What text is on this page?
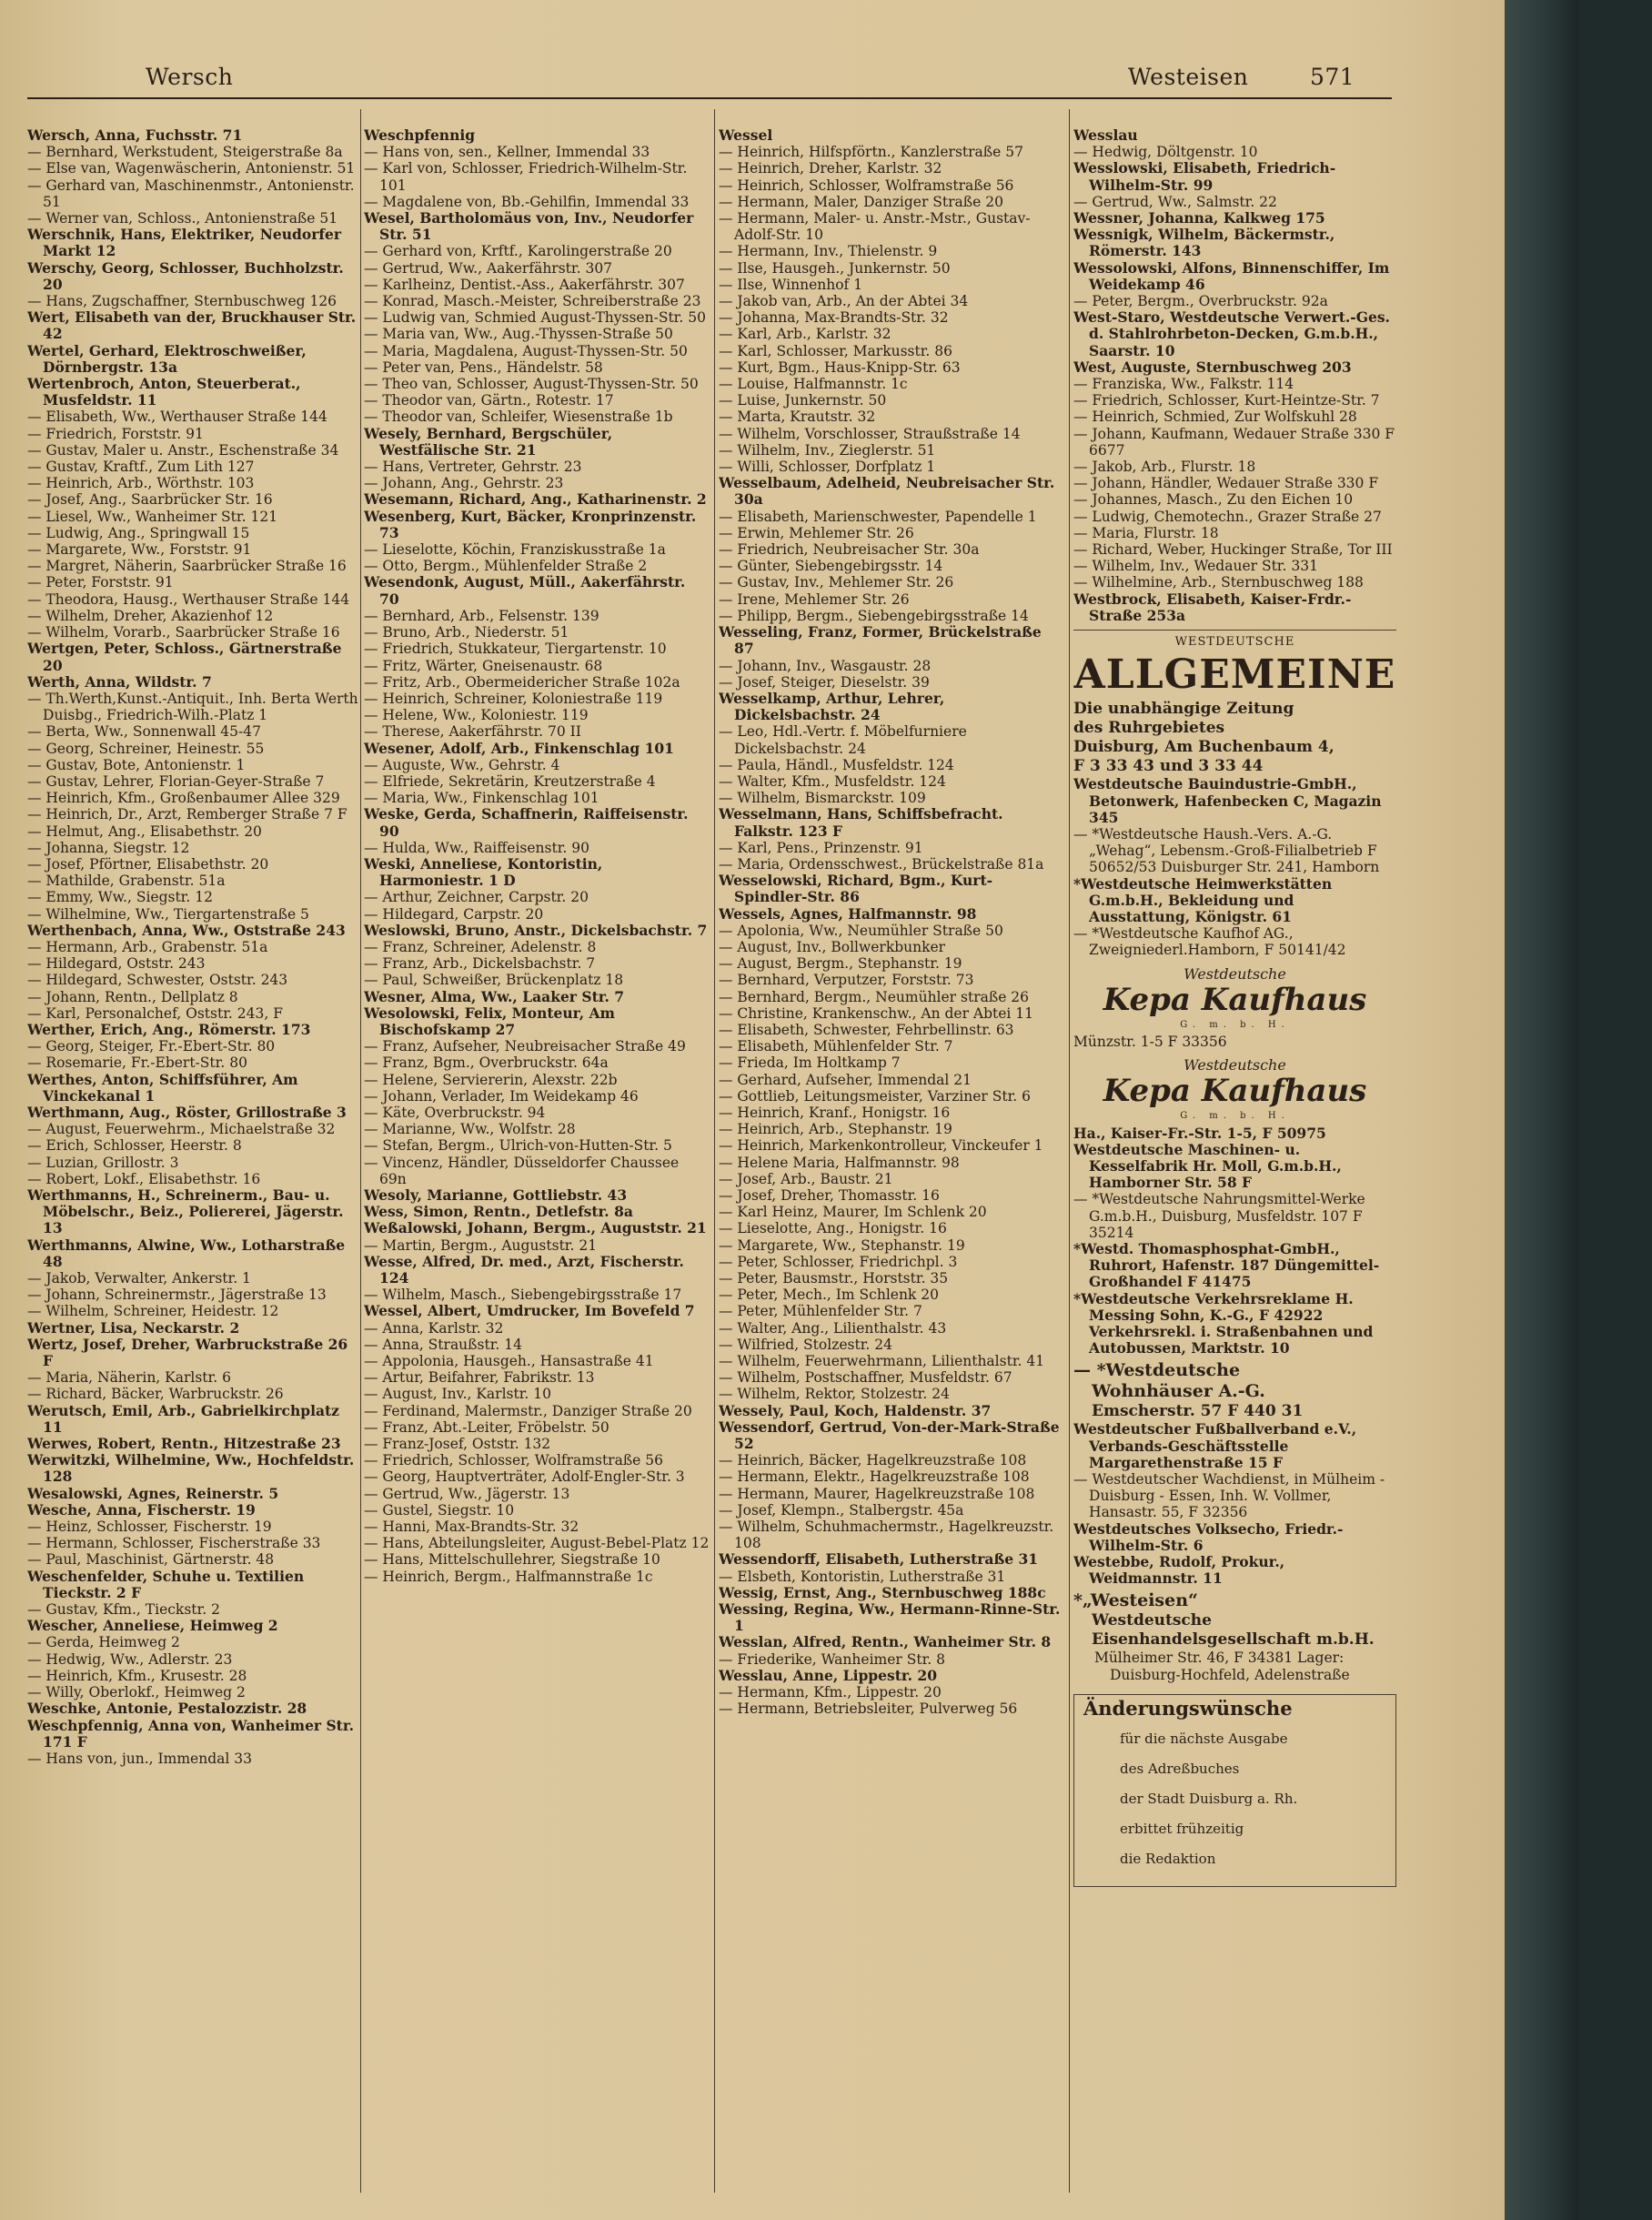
Wersch	Westeisen	571

Wersch, Anna, Fuchsstr. 71

— Bernhard, Werkstudent, Steigerstraße 8a

— Else van, Wagenwäscherin, Antonienstr. 51

— Gerhard van, Maschinenmstr., Antonienstr. 51

— Werner van, Schloss., Antonienstraße 51

Werschnik, Hans, Elektriker, Neudorfer Markt 12

Werschy, Georg, Schlosser, Buchholzstr. 20

— Hans, Zugschaffner, Sternbuschweg 126

Wert, Elisabeth van der, Bruckhauser Str. 42

Wertel, Gerhard, Elektroschweißer, Dörnbergstr. 13a

Wertenbroch, Anton, Steuerberat., Musfeldstr. 11

— Elisabeth, Ww., Werthauser Straße 144

— Friedrich, Forststr. 91

— Gustav, Maler u. Anstr., Eschenstraße 34

— Gustav, Kraftf., Zum Lith 127

— Heinrich, Arb., Wörthstr. 103

— Josef, Ang., Saarbrücker Str. 16

— Liesel, Ww., Wanheimer Str. 121

— Ludwig, Ang., Springwall 15

— Margarete, Ww., Forststr. 91

— Margret, Näherin, Saarbrücker Straße 16

— Peter, Forststr. 91

— Theodora, Hausg., Werthauser Straße 144

— Wilhelm, Dreher, Akazienhof 12

— Wilhelm, Vorarb., Saarbrücker Straße 16

Wertgen, Peter, Schloss., Gärtnerstraße 20

Werth, Anna, Wildstr. 7

— Th.Werth,Kunst.-Antiquit., Inh. Berta Werth Duisbg., Friedrich-Wilh.-Platz 1

— Berta, Ww., Sonnenwall 45-47

— Georg, Schreiner, Heinestr. 55

— Gustav, Bote, Antonienstr. 1

— Gustav, Lehrer, Florian-Geyer-Straße 7

— Heinrich, Kfm., Großenbaumer Allee 329

— Heinrich, Dr., Arzt, Remberger Straße 7 F

— Helmut, Ang., Elisabethstr. 20

— Johanna, Siegstr. 12

— Josef, Pförtner, Elisabethstr. 20

— Mathilde, Grabenstr. 51a

— Emmy, Ww., Siegstr. 12

— Wilhelmine, Ww., Tiergartenstraße 5

Werthenbach, Anna, Ww., Oststraße 243

— Hermann, Arb., Grabenstr. 51a

— Hildegard, Oststr. 243

— Hildegard, Schwester, Oststr. 243

— Johann, Rentn., Dellplatz 8

— Karl, Personalchef, Oststr. 243, F

Werther, Erich, Ang., Römerstr. 173

— Georg, Steiger, Fr.-Ebert-Str. 80

— Rosemarie, Fr.-Ebert-Str. 80

Werthes, Anton, Schiffsführer, Am Vinckekanal 1

Werthmann, Aug., Röster, Grillostraße 3

— August, Feuerwehrm., Michaelstraße 32

— Erich, Schlosser, Heerstr. 8

— Luzian, Grillostr. 3

— Robert, Lokf., Elisabethstr. 16

Werthmanns, H., Schreinerm., Bau- u. Möbelschr., Beiz., Poliererei, Jägerstr. 13

Werthmanns, Alwine, Ww., Lotharstraße 48

— Jakob, Verwalter, Ankerstr. 1

— Johann, Schreinermstr., Jägerstraße 13

— Wilhelm, Schreiner, Heidestr. 12

Wertner, Lisa, Neckarstr. 2

Wertz, Josef, Dreher, Warbruckstraße 26 F

— Maria, Näherin, Karlstr. 6

— Richard, Bäcker, Warbruckstr. 26

Werutsch, Emil, Arb., Gabrielkirchplatz 11

Werwes, Robert, Rentn., Hitzestraße 23

Werwitzki, Wilhelmine, Ww., Hochfeldstr. 128

Wesalowski, Agnes, Reinerstr. 5

Wesche, Anna, Fischerstr. 19

— Heinz, Schlosser, Fischerstr. 19

— Hermann, Schlosser, Fischerstraße 33

— Paul, Maschinist, Gärtnerstr. 48

Weschenfelder, Schuhe u. Textilien Tieckstr. 2 F

— Gustav, Kfm., Tieckstr. 2

Wescher, Anneliese, Heimweg 2

— Gerda, Heimweg 2

— Hedwig, Ww., Adlerstr. 23

— Heinrich, Kfm., Krusestr. 28

— Willy, Oberlokf., Heimweg 2

Weschke, Antonie, Pestalozzistr. 28

Weschpfennig, Anna von, Wanheimer Str. 171 F

— Hans von, jun., Immendal 33

Weschpfennig

— Hans von, sen., Kellner, Immendal 33

— Karl von, Schlosser, Friedrich-Wilhelm-Str. 101

— Magdalene von, Bb.-Gehilfin, Immendal 33

Wesel, Bartholomäus von, Inv., Neudorfer Str. 51

— Gerhard von, Krftf., Karolingerstraße 20

— Gertrud, Ww., Aakerfährstr. 307

— Karlheinz, Dentist.-Ass., Aakerfährstr. 307

— Konrad, Masch.-Meister, Schreiberstraße 23

— Ludwig van, Schmied August-Thyssen-Str. 50

— Maria van, Ww., Aug.-Thyssen-Straße 50

— Maria, Magdalena, August-Thyssen-Str. 50

— Peter van, Pens., Händelstr. 58

— Theo van, Schlosser, August-Thyssen-Str. 50

— Theodor van, Gärtn., Rotestr. 17

— Theodor van, Schleifer, Wiesenstraße 1b

Wesely, Bernhard, Bergschüler, Westfälische Str. 21

— Hans, Vertreter, Gehrstr. 23

— Johann, Ang., Gehrstr. 23

Wesemann, Richard, Ang., Katharinenstr. 2

Wesenberg, Kurt, Bäcker, Kronprinzenstr. 73

— Lieselotte, Köchin, Franziskusstraße 1a

— Otto, Bergm., Mühlenfelder Straße 2

Wesendonk, August, Müll., Aakerfährstr. 70

— Bernhard, Arb., Felsenstr. 139

— Bruno, Arb., Niederstr. 51

— Friedrich, Stukkateur, Tiergartenstr. 10

— Fritz, Wärter, Gneisenaustr. 68

— Fritz, Arb., Obermeidericher Straße 102a

— Heinrich, Schreiner, Koloniestraße 119

— Helene, Ww., Koloniestr. 119

— Therese, Aakerfährstr. 70 II

Wesener, Adolf, Arb., Finkenschlag 101

— Auguste, Ww., Gehrstr. 4

— Elfriede, Sekretärin, Kreutzerstraße 4

— Maria, Ww., Finkenschlag 101

Weske, Gerda, Schaffnerin, Raiffeisenstr. 90

— Hulda, Ww., Raiffeisenstr. 90

Weski, Anneliese, Kontoristin, Harmoniestr. 1 D

— Arthur, Zeichner, Carpstr. 20

— Hildegard, Carpstr. 20

Weslowski, Bruno, Anstr., Dickelsbachstr. 7

— Franz, Schreiner, Adelenstr. 8

— Franz, Arb., Dickelsbachstr. 7

— Paul, Schweißer, Brückenplatz 18

Wesner, Alma, Ww., Laaker Str. 7

Wesolowski, Felix, Monteur, Am Bischofskamp 27

— Franz, Aufseher, Neubreisacher Straße 49

— Franz, Bgm., Overbruckstr. 64a

— Helene, Serviererin, Alexstr. 22b

— Johann, Verlader, Im Weidekamp 46

— Käte, Overbruckstr. 94

— Marianne, Ww., Wolfstr. 28

— Stefan, Bergm., Ulrich-von-Hutten-Str. 5

— Vincenz, Händler, Düsseldorfer Chaussee 69n

Wesoly, Marianne, Gottliebstr. 43

Wess, Simon, Rentn., Detlefstr. 8a

Weßalowski, Johann, Bergm., Auguststr. 21

— Martin, Bergm., Auguststr. 21

Wesse, Alfred, Dr. med., Arzt, Fischerstr. 124

— Wilhelm, Masch., Siebengebirgsstraße 17

Wessel, Albert, Umdrucker, Im Bovefeld 7

— Anna, Karlstr. 32

— Anna, Straußstr. 14

— Appolonia, Hausgeh., Hansastraße 41

— Artur, Beifahrer, Fabrikstr. 13

— August, Inv., Karlstr. 10

— Ferdinand, Malermstr., Danziger Straße 20

— Franz, Abt.-Leiter, Fröbelstr. 50

— Franz-Josef, Oststr. 132

— Friedrich, Schlosser, Wolframstraße 56

— Georg, Hauptverträter, Adolf-Engler-Str. 3

— Gertrud, Ww., Jägerstr. 13

— Gustel, Siegstr. 10

— Hanni, Max-Brandts-Str. 32

— Hans, Abteilungsleiter, August-Bebel-Platz 12

— Hans, Mittelschullehrer, Siegstraße 10

— Heinrich, Bergm., Halfmannstraße 1c

Wessel

— Heinrich, Hilfspförtn., Kanzlerstraße 57

— Heinrich, Dreher, Karlstr. 32

— Heinrich, Schlosser, Wolframstraße 56

— Hermann, Maler, Danziger Straße 20

— Hermann, Maler- u. Anstr.-Mstr., Gustav-Adolf-Str. 10

— Hermann, Inv., Thielenstr. 9

— Ilse, Hausgeh., Junkernstr. 50

— Ilse, Winnenhof 1

— Jakob van, Arb., An der Abtei 34

— Johanna, Max-Brandts-Str. 32

— Karl, Arb., Karlstr. 32

— Karl, Schlosser, Markusstr. 86

— Kurt, Bgm., Haus-Knipp-Str. 63

— Louise, Halfmannstr. 1c

— Luise, Junkernstr. 50

— Marta, Krautstr. 32

— Wilhelm, Vorschlosser, Straußstraße 14

— Wilhelm, Inv., Zieglerstr. 51

— Willi, Schlosser, Dorfplatz 1

Wesselbaum, Adelheid, Neubreisacher Str. 30a

— Elisabeth, Marienschwester, Papendelle 1

— Erwin, Mehlemer Str. 26

— Friedrich, Neubreisacher Str. 30a

— Günter, Siebengebirgsstr. 14

— Gustav, Inv., Mehlemer Str. 26

— Irene, Mehlemer Str. 26

— Philipp, Bergm., Siebengebirgsstraße 14

Wesseling, Franz, Former, Brückelstraße 87

— Johann, Inv., Wasgaustr. 28

— Josef, Steiger, Dieselstr. 39

Wesselkamp, Arthur, Lehrer, Dickelsbachstr. 24

— Leo, Hdl.-Vertr. f. Möbelfurniere Dickelsbachstr. 24

— Paula, Händl., Musfeldstr. 124

— Walter, Kfm., Musfeldstr. 124

— Wilhelm, Bismarckstr. 109

Wesselmann, Hans, Schiffsbefracht. Falkstr. 123 F

— Karl, Pens., Prinzenstr. 91

— Maria, Ordensschwest., Brückelstraße 81a

Wesselowski, Richard, Bgm., Kurt-Spindler-Str. 86

Wessels, Agnes, Halfmannstr. 98

— Apolonia, Ww., Neumühler Straße 50

— August, Inv., Bollwerkbunker

— August, Bergm., Stephanstr. 19

— Bernhard, Verputzer, Forststr. 73

— Bernhard, Bergm., Neumühler straße 26

— Christine, Krankenschw., An der Abtei 11

— Elisabeth, Schwester, Fehrbellinstr. 63

— Elisabeth, Mühlenfelder Str. 7

— Frieda, Im Holtkamp 7

— Gerhard, Aufseher, Immendal 21

— Gottlieb, Leitungsmeister, Varziner Str. 6

— Heinrich, Kranf., Honigstr. 16

— Heinrich, Arb., Stephanstr. 19

— Heinrich, Markenkontrolleur, Vinckeufer 1

— Helene Maria, Halfmannstr. 98

— Josef, Arb., Baustr. 21

— Josef, Dreher, Thomasstr. 16

— Karl Heinz, Maurer, Im Schlenk 20

— Lieselotte, Ang., Honigstr. 16

— Margarete, Ww., Stephanstr. 19

— Peter, Schlosser, Friedrichpl. 3

— Peter, Bausmstr., Horststr. 35

— Peter, Mech., Im Schlenk 20

— Peter, Mühlenfelder Str. 7

— Walter, Ang., Lilienthalstr. 43

— Wilfried, Stolzestr. 24

— Wilhelm, Feuerwehrmann, Lilienthalstr. 41

— Wilhelm, Postschaffner, Musfeldstr. 67

— Wilhelm, Rektor, Stolzestr. 24

Wessely, Paul, Koch, Haldenstr. 37

Wessendorf, Gertrud, Von-der-Mark-Straße 52

— Heinrich, Bäcker, Hagelkreuzstraße 108

— Hermann, Elektr., Hagelkreuzstraße 108

— Hermann, Maurer, Hagelkreuzstraße 108

— Josef, Klempn., Stalbergstr. 45a

— Wilhelm, Schuhmachermstr., Hagelkreuzstr. 108

Wessendorff, Elisabeth, Lutherstraße 31

— Elsbeth, Kontoristin, Lutherstraße 31

Wessig, Ernst, Ang., Sternbuschweg 188c

Wessing, Regina, Ww., Hermann-Rinne-Str. 1

Wesslan, Alfred, Rentn., Wanheimer Str. 8

— Friederike, Wanheimer Str. 8

Wesslau, Anne, Lippestr. 20

— Hermann, Kfm., Lippestr. 20

— Hermann, Betriebsleiter, Pulverweg 56

Wesslau

— Hedwig, Döltgenstr. 10

Wesslowski, Elisabeth, Friedrich-Wilhelm-Str. 99

— Gertrud, Ww., Salmstr. 22

Wessner, Johanna, Kalkweg 175

Wessnigk, Wilhelm, Bäckermstr., Römerstr. 143

Wessolowski, Alfons, Binnenschiffer, Im Weidekamp 46

— Peter, Bergm., Overbruckstr. 92a

West-Staro, Westdeutsche Verwert.-Ges. d. Stahlrohrbeton-Decken, G.m.b.H., Saarstr. 10

West, Auguste, Sternbuschweg 203

— Franziska, Ww., Falkstr. 114

— Friedrich, Schlosser, Kurt-Heintze-Str. 7

— Heinrich, Schmied, Zur Wolfskuhl 28

— Johann, Kaufmann, Wedauer Straße 330 F 6677

— Jakob, Arb., Flurstr. 18

— Johann, Händler, Wedauer Straße 330 F

— Johannes, Masch., Zu den Eichen 10

— Ludwig, Chemotechn., Grazer Straße 27

— Maria, Flurstr. 18

— Richard, Weber, Huckinger Straße, Tor III

— Wilhelm, Inv., Wedauer Str. 331

— Wilhelmine, Arb., Sternbuschweg 188

Westbrock, Elisabeth, Kaiser-Frdr.-Straße 253a

WESTDEUTSCHE
ALLGEMEINE
Die unabhängige Zeitung
des Ruhrgebietes
Duisburg, Am Buchenbaum 4,
F 3 33 43 und 3 33 44

Westdeutsche Bauindustrie-GmbH., Betonwerk, Hafenbecken C, Magazin 345

— *Westdeutsche Haush.-Vers. A.-G. „Wehag“, Lebensm.-Groß-Filialbetrieb F 50652/53 Duisburger Str. 241, Hamborn

*Westdeutsche Heimwerkstätten G.m.b.H., Bekleidung und Ausstattung, Königstr. 61

— *Westdeutsche Kaufhof AG., Zweigniederl.Hamborn, F 50141/42

Westdeutsche
Kepa Kaufhaus
G. m. b. H.
Münzstr. 1-5 F 33356
Westdeutsche
Kepa Kaufhaus
G. m. b. H.

Ha., Kaiser-Fr.-Str. 1-5, F 50975

Westdeutsche Maschinen- u. Kesselfabrik Hr. Moll, G.m.b.H., Hamborner Str. 58 F

— *Westdeutsche Nahrungsmittel-Werke G.m.b.H., Duisburg, Musfeldstr. 107 F 35214

*Westd. Thomasphosphat-GmbH., Ruhrort, Hafenstr. 187 Düngemittel-Großhandel F 41475

*Westdeutsche Verkehrsreklame H. Messing Sohn, K.-G., F 42922 Verkehrsrekl. i. Straßenbahnen und Autobussen, Marktstr. 10

— *Westdeutsche
Wohnhäuser A.-G.
Emscherstr. 57 F 440 31

Westdeutscher Fußballverband e.V., Verbands-Geschäftsstelle Margarethenstraße 15 F

— Westdeutscher Wachdienst, in Mülheim - Duisburg - Essen, Inh. W. Vollmer, Hansastr. 55, F 32356

Westdeutsches Volksecho, Friedr.-Wilhelm-Str. 6

Westebbe, Rudolf, Prokur., Weidmannstr. 11

*„Westeisen“
Westdeutsche Eisenhandelsgesellschaft m.b.H.
Mülheimer Str. 46, F 34381 Lager: Duisburg-Hochfeld, Adelenstraße
Änderungswünsche

für die nächste Ausgabe

des Adreßbuches

der Stadt Duisburg a. Rh.

erbittet frühzeitig

die Redaktion
